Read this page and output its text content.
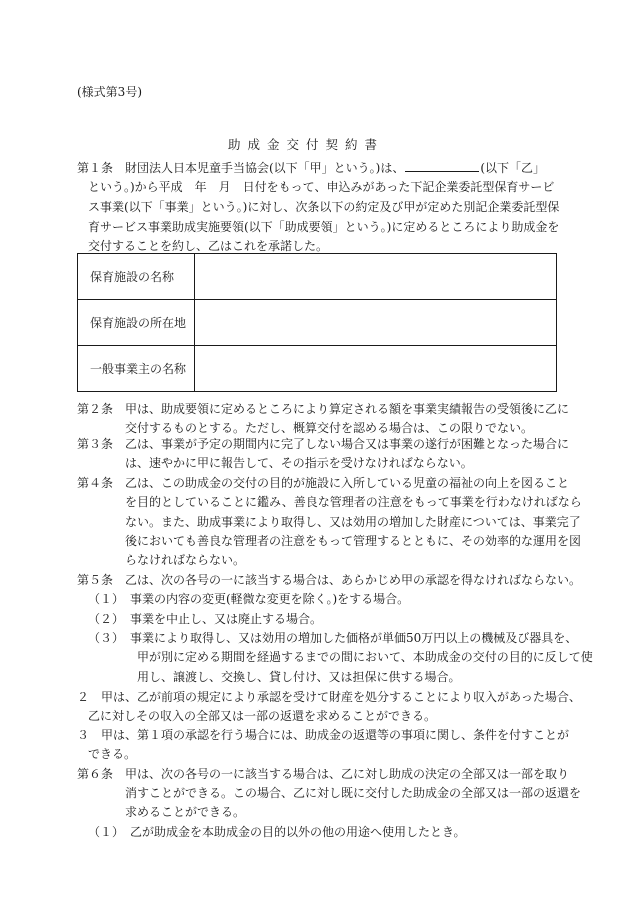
(様式第3号)
助成金交付契約書
第１条　財団法人日本児童手当協会(以下「甲」という。)は、	(以下「乙」
という。)から平成　年　月　日付をもって、申込みがあった下記企業委託型保育サービ
ス事業(以下「事業」という。)に対し、次条以下の約定及び甲が定めた別記企業委託型保
育サービス事業助成実施要領(以下「助成要領」という。)に定めるところにより助成金を
交付することを約し、乙はこれを承諾した。
保育施設の名称	
保育施設の所在地	
一般事業主の名称	
第２条　甲は、助成要領に定めるところにより算定される額を事業実績報告の受領後に乙に
交付するものとする。ただし、概算交付を認める場合は、この限りでない。
第３条　乙は、事業が予定の期間内に完了しない場合又は事業の遂行が困難となった場合に
は、速やかに甲に報告して、その指示を受けなければならない。
第４条　乙は、この助成金の交付の目的が施設に入所している児童の福祉の向上を図ること
を目的としていることに鑑み、善良な管理者の注意をもって事業を行わなければなら
ない。また、助成事業により取得し、又は効用の増加した財産については、事業完了
後においても善良な管理者の注意をもって管理するとともに、その効率的な運用を図
らなければならない。
第５条　乙は、次の各号の一に該当する場合は、あらかじめ甲の承認を得なければならない。
（１）　事業の内容の変更(軽微な変更を除く。)をする場合。
（２）　事業を中止し、又は廃止する場合。
（３）　事業により取得し、又は効用の増加した価格が単価50万円以上の機械及び器具を、
甲が別に定める期間を経過するまでの間において、本助成金の交付の目的に反して使
用し、譲渡し、交換し、貸し付け、又は担保に供する場合。
２　甲は、乙が前項の規定により承認を受けて財産を処分することにより収入があった場合、
乙に対しその収入の全部又は一部の返還を求めることができる。
３　甲は、第１項の承認を行う場合には、助成金の返還等の事項に関し、条件を付すことが
できる。
第６条　甲は、次の各号の一に該当する場合は、乙に対し助成の決定の全部又は一部を取り
消すことができる。この場合、乙に対し既に交付した助成金の全部又は一部の返還を
求めることができる。
（１）　乙が助成金を本助成金の目的以外の他の用途へ使用したとき。
